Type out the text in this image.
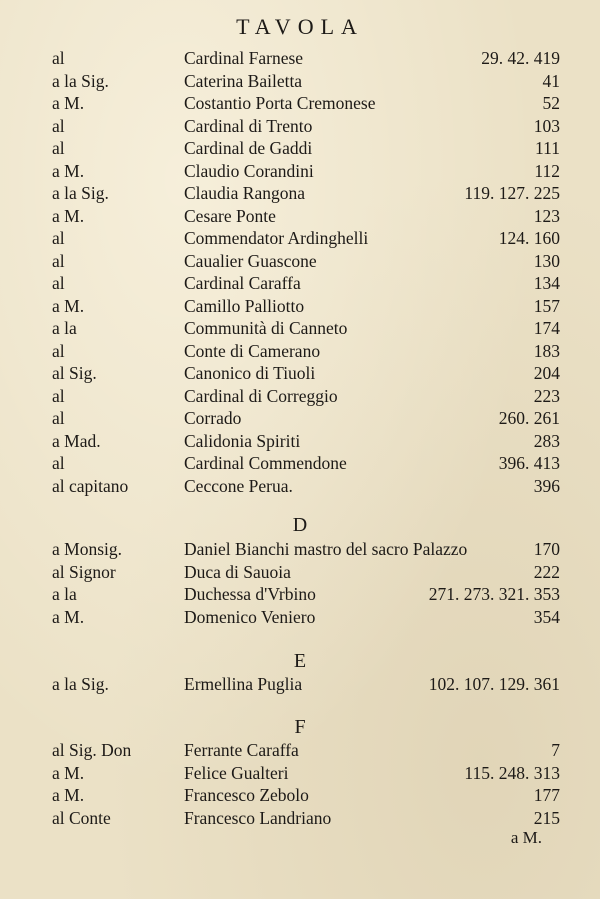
TAVOLA
al	Cardinal Farnese	29. 42. 419
a la Sig.	Caterina Bailetta	41
a M.	Costantio Porta Cremonese	52
al	Cardinal di Trento	103
al	Cardinal de Gaddi	111
a M.	Claudio Corandini	112
a la Sig.	Claudia Rangona	119. 127. 225
a M.	Cesare Ponte	123
al	Commendator Ardinghelli	124. 160
al	Caualier Guascone	130
al	Cardinal Caraffa	134
a M.	Camillo Palliotto	157
a la	Communità di Canneto	174
al	Conte di Camerano	183
al Sig.	Canonico di Tiuoli	204
al	Cardinal di Correggio	223
al	Corrado	260. 261
a Mad.	Calidonia Spiriti	283
al	Cardinal Commendone	396. 413
al capitano	Ceccone Perua.	396
D
a Monsig.	Daniel Bianchi mastro del sacro Palazzo	170
al Signor	Duca di Sauoia	222
a la	Duchessa d'Vrbino	271. 273. 321. 353
a M.	Domenico Veniero	354
E
a la Sig.	Ermellina Puglia	102. 107. 129. 361
F
al Sig. Don	Ferrante Caraffa	7
a M.	Felice Gualteri	115. 248. 313
a M.	Francesco Zebolo	177
al Conte	Francesco Landriano	215
a M.
